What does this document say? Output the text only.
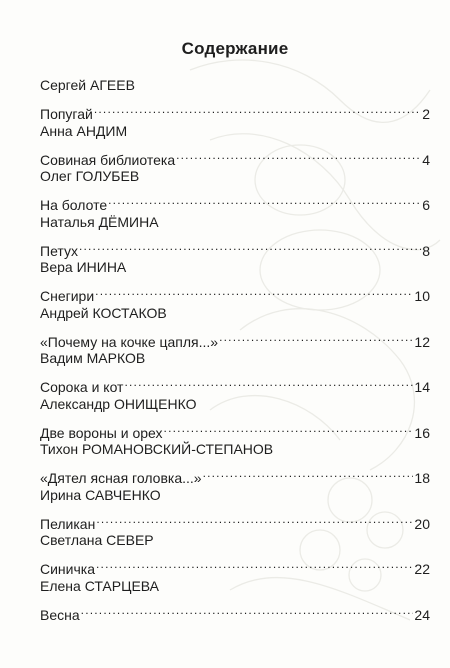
Содержание
Сергей АГЕЕВ
Попугай .....	2
Анна АНДИМ
Совиная библиотека .....	4
Олег ГОЛУБЕВ
На болоте .....	6
Наталья ДЁМИНА
Петух .....	8
Вера ИНИНА
Снегири .....	10
Андрей КОСТАКОВ
«Почему на кочке цапля...» .....	12
Вадим МАРКОВ
Сорока и кот .....	14
Александр ОНИЩЕНКО
Две вороны и орех .....	16
Тихон РОМАНОВСКИЙ-СТЕПАНОВ
«Дятел ясная головка...» .....	18
Ирина САВЧЕНКО
Пеликан .....	20
Светлана СЕВЕР
Синичка .....	22
Елена СТАРЦЕВА
Весна .....	24
